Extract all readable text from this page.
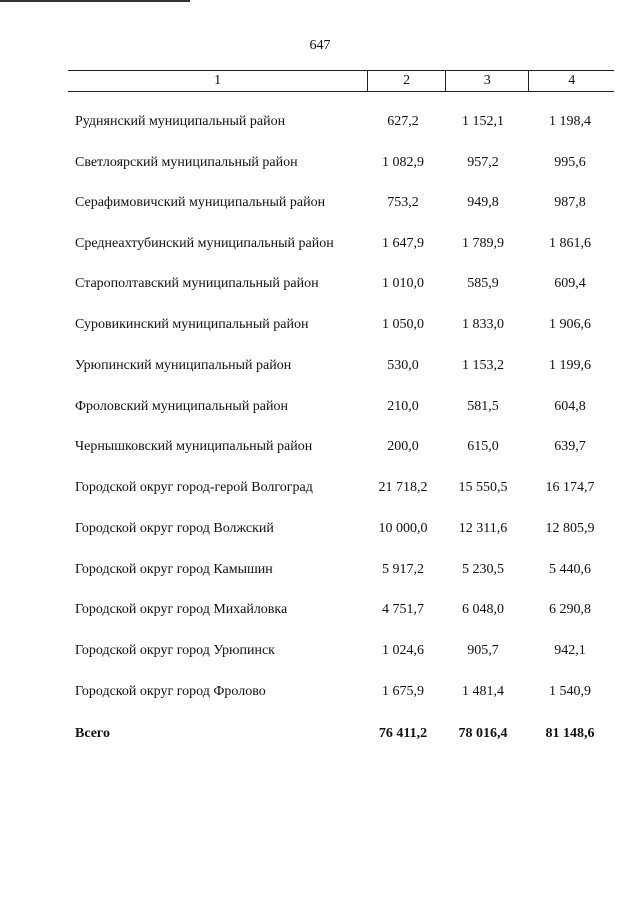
647
1	2	3	4
Руднянский муниципальный район	627,2	1 152,1	1 198,4
Светлоярский муниципальный район	1 082,9	957,2	995,6
Серафимовичский муниципальный район	753,2	949,8	987,8
Среднеахтубинский муниципальный район	1 647,9	1 789,9	1 861,6
Старополтавский муниципальный район	1 010,0	585,9	609,4
Суровикинский муниципальный район	1 050,0	1 833,0	1 906,6
Урюпинский муниципальный район	530,0	1 153,2	1 199,6
Фроловский муниципальный район	210,0	581,5	604,8
Чернышковский муниципальный район	200,0	615,0	639,7
Городской округ город-герой Волгоград	21 718,2	15 550,5	16 174,7
Городской округ город Волжский	10 000,0	12 311,6	12 805,9
Городской округ город Камышин	5 917,2	5 230,5	5 440,6
Городской округ город Михайловка	4 751,7	6 048,0	6 290,8
Городской округ город Урюпинск	1 024,6	905,7	942,1
Городской округ город Фролово	1 675,9	1 481,4	1 540,9
Всего	76 411,2	78 016,4	81 148,6
